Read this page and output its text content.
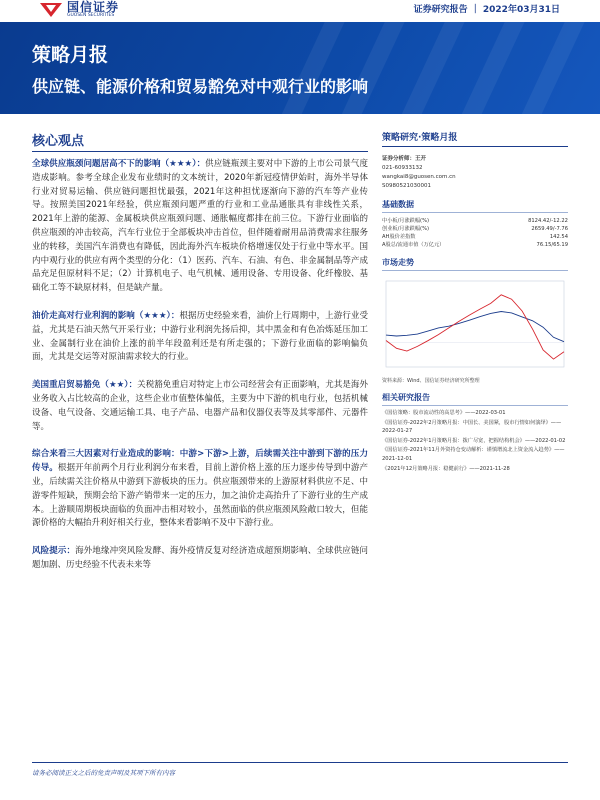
国信证券
GUOSEN SECURITIES
证券研究报告 ｜ 2022年03月31日
策略月报
供应链、能源价格和贸易豁免对中观行业的影响
核心观点

全球供应瓶颈问题居高不下的影响（★★★）：供应链瓶颈主要对中下游的上市公司景气度造成影响。参考全球企业发布业绩时的文本统计，2020年新冠疫情伊始时，海外半导体行业对贸易运输、供应链问题担忧最强，2021年这种担忧逐渐向下游的汽车等产业传导。按照美国2021年经验，供应瓶颈问题严重的行业和工业品通胀具有非线性关系，2021年上游的能源、金属板块供应瓶颈问题、通胀幅度都排在前三位。下游行业面临的供应瓶颈的冲击较高，汽车行业位于全部板块冲击首位，但伴随着耐用品消费需求往服务业的转移，美国汽车消费也有降低，因此海外汽车板块价格增速仅处于行业中等水平。国内中观行业的供应有两个类型的分化：（1）医药、汽车、石油、有色、非金属制品等产成品充足但原材料不足；（2）计算机电子、电气机械、通用设备、专用设备、化纤橡胶、基础化工等不缺原材料，但是缺产量。

油价走高对行业利润的影响（★★★）：根据历史经验来看，油价上行周期中，上游行业受益，尤其是石油天然气开采行业；中游行业利润先扬后抑，其中黑金和有色冶炼延压加工业、金属制行业在油价上涨的前半年段盈利还是有所走强的；下游行业面临的影响偏负面，尤其是交运等对原油需求较大的行业。

美国重启贸易豁免（★★）：关税豁免重启对特定上市公司经营会有正面影响，尤其是海外业务收入占比较高的企业，这些企业市值整体偏低，主要为中下游的机电行业，包括机械设备、电气设备、交通运输工具、电子产品、电器产品和仪器仪表等及其零部件、元器件等。

综合来看三大因素对行业造成的影响：中游>下游>上游，后续需关注中游到下游的压力传导。根据开年前两个月行业利润分布来看，目前上游价格上涨的压力逐步传导到中游产业，后续需关注价格从中游到下游板块的压力。供应瓶颈带来的上游原材料供应不足、中游零件短缺，预期会给下游产销带来一定的压力，加之油价走高抬升了下游行业的生产成本。上游顺周期板块面临的负面冲击相对较小，虽然面临的供应瓶颈风险敞口较大，但能源价格的大幅抬升利好相关行业，整体来看影响不及中下游行业。

风险提示：海外地缘冲突风险发酵、海外疫情反复对经济造成超预期影响、全球供应链问题加剧、历史经验不代表未来等

策略研究·策略月报
证券分析师：王开
021-60933132
wangkai8@guosen.com.cn
S0980521030001
基础数据
中小板/月涨跌幅(%)	8124.42/-12.22
创业板/月涨跌幅(%)	2659.49/-7.76
AH股价差指数	142.54
A股总/流通市值（万亿元）	76.15/65.19
市场走势
资料来源：Wind、国信证券经济研究所整理
相关研究报告
《国信策略：股市流动性的高思考》——2022-03-01
《国信证券-2022年2月策略月报：中国长、美国紧，股市行情如何演绎》——2022-01-27
《国信证券-2022年1月策略月报：拨广尽宽，把握结构机会》——2022-01-02
《国信证券-2021年11月外资持仓变动解析：谨慎增流北上资金流入趋势》——2021-12-01
《2021年12月策略月报：稳健前行》——2021-11-28
请务必阅读正文之后的免责声明及其项下所有内容
